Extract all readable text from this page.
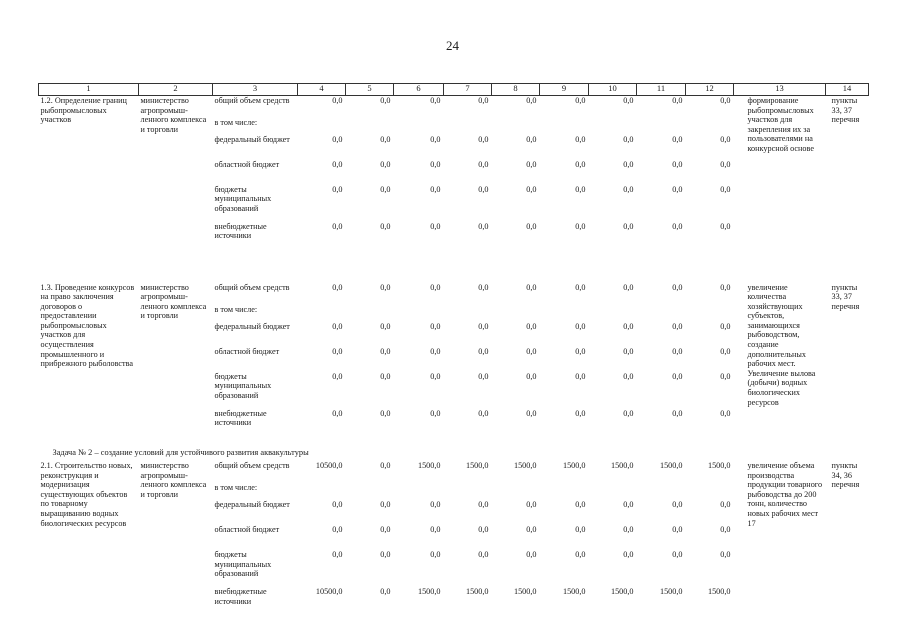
24
1	2	3	4	5	6	7	8	9	10	11	12	13	14
1.2. Определение границ рыбопромысловых участков	министерство агропромыш-ленного комплекса и торговли	общий объем средств	0,0	0,0	0,0	0,0	0,0	0,0	0,0	0,0	0,0	формирование рыбопромысловых участков для закрепления их за пользователями на конкурсной основе	пункты 33, 37 перечня
		в том числе:											
		федеральный бюджет	0,0	0,0	0,0	0,0	0,0	0,0	0,0	0,0	0,0		
		областной бюджет	0,0	0,0	0,0	0,0	0,0	0,0	0,0	0,0	0,0		
		бюджеты муниципальных образований	0,0	0,0	0,0	0,0	0,0	0,0	0,0	0,0	0,0		
		внебюджетные источники	0,0	0,0	0,0	0,0	0,0	0,0	0,0	0,0	0,0		

1.3. Проведение конкурсов на право заключения договоров о предоставлении рыбопромысловых участков для осуществления промышленного и прибрежного рыболовства	министерство агропромыш-ленного комплекса и торговли	общий объем средств	0,0	0,0	0,0	0,0	0,0	0,0	0,0	0,0	0,0	увеличение количества хозяйствующих субъектов, занимающихся рыбоводством, создание дополнительных рабочих мест. Увеличение вылова (добычи) водных биологических ресурсов	пункты 33, 37 перечня
		в том числе:											
		федеральный бюджет	0,0	0,0	0,0	0,0	0,0	0,0	0,0	0,0	0,0		
		областной бюджет	0,0	0,0	0,0	0,0	0,0	0,0	0,0	0,0	0,0		
		бюджеты муниципальных образований	0,0	0,0	0,0	0,0	0,0	0,0	0,0	0,0	0,0		
		внебюджетные источники	0,0	0,0	0,0	0,0	0,0	0,0	0,0	0,0	0,0		
Задача № 2 – создание условий для устойчивого развития аквакультуры													
2.1. Строительство новых, реконструкция и модернизация существующих объектов по товарному выращиванию водных биологических ресурсов	министерство агропромыш-ленного комплекса и торговли	общий объем средств	10500,0	0,0	1500,0	1500,0	1500,0	1500,0	1500,0	1500,0	1500,0	увеличение объема производства продукции товарного рыбоводства до 200 тонн, количество новых рабочих мест 17	пункты 34, 36 перечня
		в том числе:											
		федеральный бюджет	0,0	0,0	0,0	0,0	0,0	0,0	0,0	0,0	0,0		
		областной бюджет	0,0	0,0	0,0	0,0	0,0	0,0	0,0	0,0	0,0		
		бюджеты муниципальных образований	0,0	0,0	0,0	0,0	0,0	0,0	0,0	0,0	0,0		
		внебюджетные источники	10500,0	0,0	1500,0	1500,0	1500,0	1500,0	1500,0	1500,0	1500,0		
